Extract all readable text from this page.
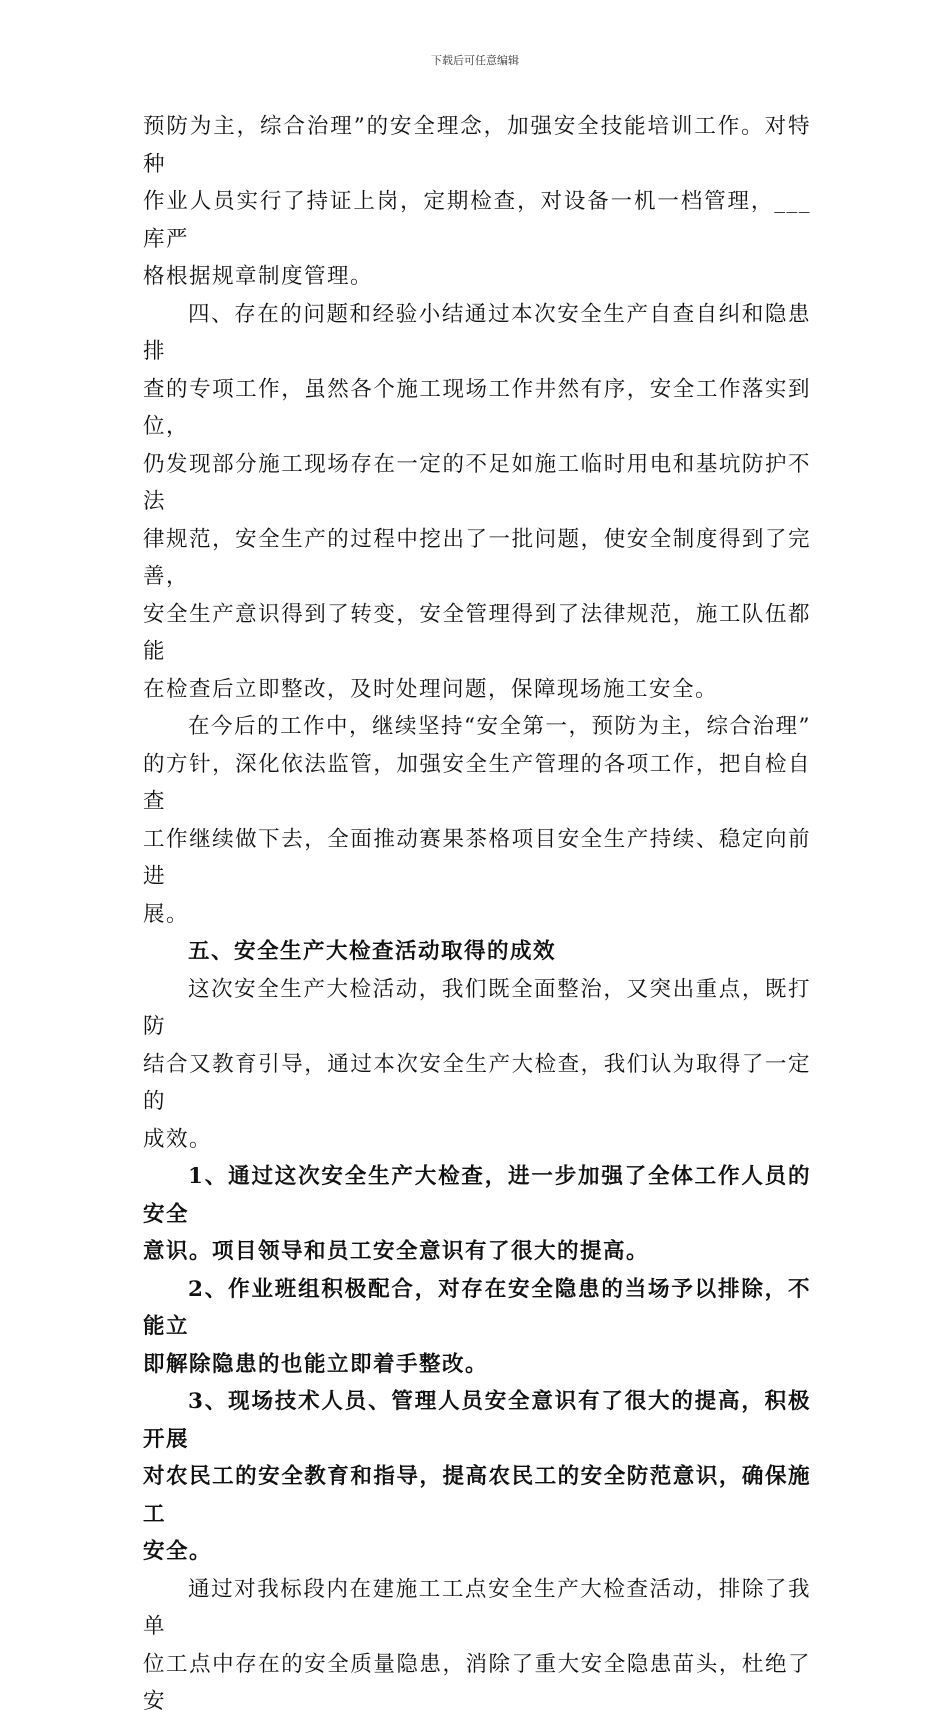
下载后可任意编辑

预防为主，综合治理”的安全理念，加强安全技能培训工作。对特种
作业人员实行了持证上岗，定期检查，对设备一机一档管理，___库严
格根据规章制度管理。

四、存在的问题和经验小结通过本次安全生产自查自纠和隐患排
查的专项工作，虽然各个施工现场工作井然有序，安全工作落实到位，
仍发现部分施工现场存在一定的不足如施工临时用电和基坑防护不法
律规范，安全生产的过程中挖出了一批问题，使安全制度得到了完善，
安全生产意识得到了转变，安全管理得到了法律规范，施工队伍都能
在检查后立即整改，及时处理问题，保障现场施工安全。

在今后的工作中，继续坚持“安全第一，预防为主，综合治理”
的方针，深化依法监管，加强安全生产管理的各项工作，把自检自查
工作继续做下去，全面推动赛果茶格项目安全生产持续、稳定向前进
展。

五、安全生产大检查活动取得的成效

这次安全生产大检活动，我们既全面整治，又突出重点，既打防
结合又教育引导，通过本次安全生产大检查，我们认为取得了一定的
成效。

1、通过这次安全生产大检查，进一步加强了全体工作人员的安全
意识。项目领导和员工安全意识有了很大的提高。

2、作业班组积极配合，对存在安全隐患的当场予以排除，不能立
即解除隐患的也能立即着手整改。

3、现场技术人员、管理人员安全意识有了很大的提高，积极开展
对农民工的安全教育和指导，提高农民工的安全防范意识，确保施工
安全。

通过对我标段内在建施工工点安全生产大检查活动，排除了我单
位工点中存在的安全质量隐患，消除了重大安全隐患苗头，杜绝了安
